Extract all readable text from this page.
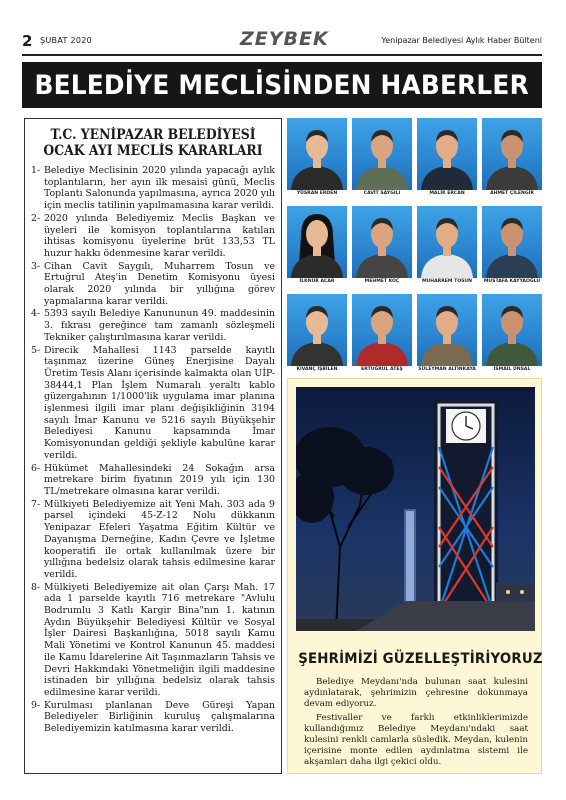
2 ŞUBAT 2020	ZEYBEK	Yenipazar Belediyesi Aylık Haber Bülteni
BELEDİYE MECLİSİNDEN HABERLER
T.C. YENİPAZAR BELEDİYESİ
OCAK AYI MECLİS KARARLARI
1- Belediye Meclisinin 2020 yılında yapacağı aylık toplantıların, her ayın ilk mesaisi günü, Meclis Toplantı Salonunda yapılmasına, ayrıca 2020 yılı için meclis tatilinin yapılmamasına karar verildi.
2- 2020 yılında Belediyemiz Meclis Başkan ve üyeleri ile komisyon toplantılarına katılan ihtisas komisyonu üyelerine brüt 133,53 TL huzur hakkı ödenmesine karar verildi.
3- Cihan Cavit Saygılı, Muharrem Tosun ve Ertuğrul Ateş'in Denetim Komisyonu üyesi olarak 2020 yılında bir yıllığına görev yapmalarına karar verildi.
4- 5393 sayılı Belediye Kanununun 49. maddesinin 3. fıkrası gereğince tam zamanlı sözleşmeli Tekniker çalıştırılmasına karar verildi.
5- Direcik Mahallesi 1143 parselde kayıtlı taşınmaz üzerine Güneş Enerjisine Dayalı Üretim Tesis Alanı içerisinde kalmakta olan UİP-38444,1 Plan İşlem Numaralı yeraltı kablo güzergahının 1/1000'lik uygulama imar planına işlenmesi ilgili imar planı değişikliğinin 3194 sayılı İmar Kanunu ve 5216 sayılı Büyükşehir Belediyesi Kanunu kapsamında İmar Komisyonundan geldiği şekliyle kabulüne karar verildi.
6- Hükümet Mahallesindeki 24 Sokağın arsa metrekare birim fiyatının 2019 yılı için 130 TL/metrekare olmasına karar verildi.
7- Mülkiyeti Belediyemize ait Yeni Mah. 303 ada 9 parsel içindeki 45-Z-12 Nolu dükkanın Yenipazar Efeleri Yaşatma Eğitim Kültür ve Dayanışma Derneğine, Kadın Çevre ve İşletme kooperatifi ile ortak kullanılmak üzere bir yıllığına bedelsiz olarak tahsis edilmesine karar verildi.
8- Mülkiyeti Belediyemize ait olan Çarşı Mah. 17 ada 1 parselde kayıtlı 716 metrekare "Avlulu Bodrumlu 3 Katlı Kargir Bina"nın 1. katının Aydın Büyükşehir Belediyesi Kültür ve Sosyal İşler Dairesi Başkanlığına, 5018 sayılı Kamu Mali Yönetimi ve Kontrol Kanunun 45. maddesi ile Kamu İdarelerine Ait Taşınmazların Tahsis ve Devri Hakkındaki Yönetmeliğin ilgili maddesine istinaden bir yıllığına bedelsiz olarak tahsis edilmesine karar verildi.
9- Kurulması planlanan Deve Güreşi Yapan Belediyeler Birliğinin kuruluş çalışmalarına Belediyemizin katılmasına karar verildi.
YÜSRAN ERDEN	CAVİT SAYGILI	MALİK ERCAN	AHMET ÇİLENGİR
İLKNUR ACAR	MEHMET KOÇ	MUHARREM TOSUN	MUSTAFA KAYYAOĞLU
KIVANÇ İŞBİLEN	ERTUĞRUL ATEŞ	SÜLEYMAN ALTINKAYA	İSMAİL ÜNSAL
ŞEHRİMİZİ GÜZELLEŞTİRİYORUZ

Belediye Meydanı'nda bulunan saat kulesini aydınlatarak, şehrimizin çehresine dokunmaya devam ediyoruz.

Festivaller ve farklı etkinliklerimizde kullandığımız Belediye Meydanı'ndaki saat kulesini renkli camlarla süsledik. Meydan, kulenin içerisine monte edilen aydınlatma sistemi ile akşamları daha ilgi çekici oldu.
